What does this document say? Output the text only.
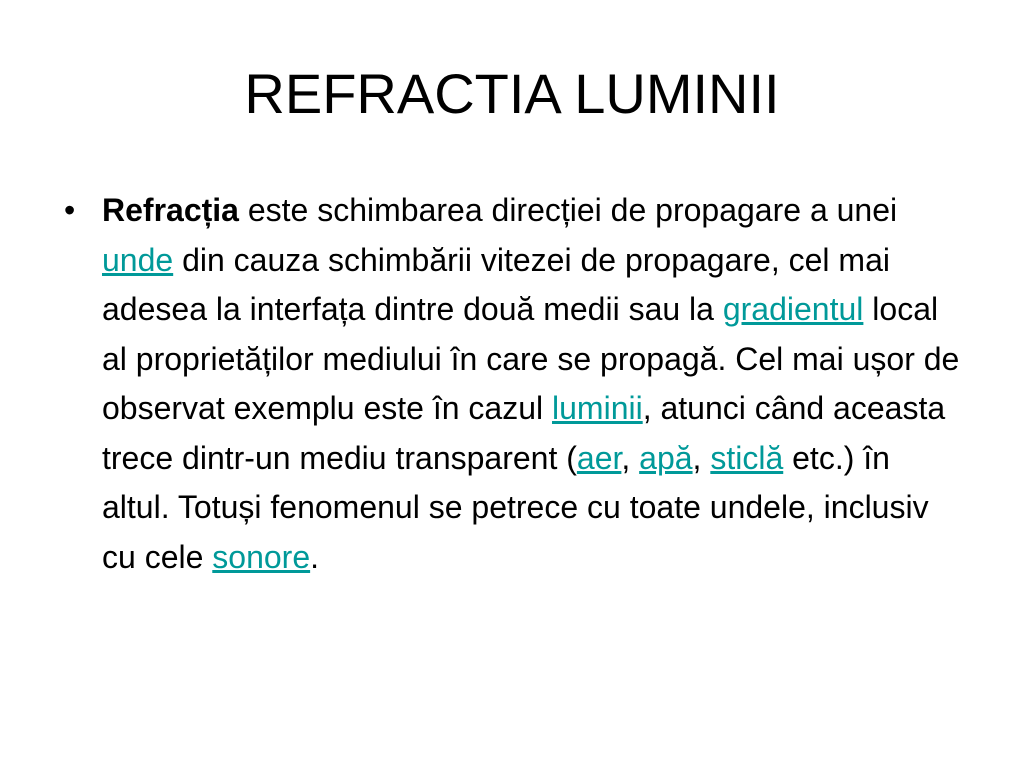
REFRACTIA LUMINII
• Refracția este schimbarea direcției de propagare a unei unde din cauza schimbării vitezei de propagare, cel mai adesea la interfața dintre două medii sau la gradientul local al proprietăților mediului în care se propagă. Cel mai ușor de observat exemplu este în cazul luminii, atunci când aceasta trece dintr-un mediu transparent (aer, apă, sticlă etc.) în altul. Totuși fenomenul se petrece cu toate undele, inclusiv cu cele sonore.
